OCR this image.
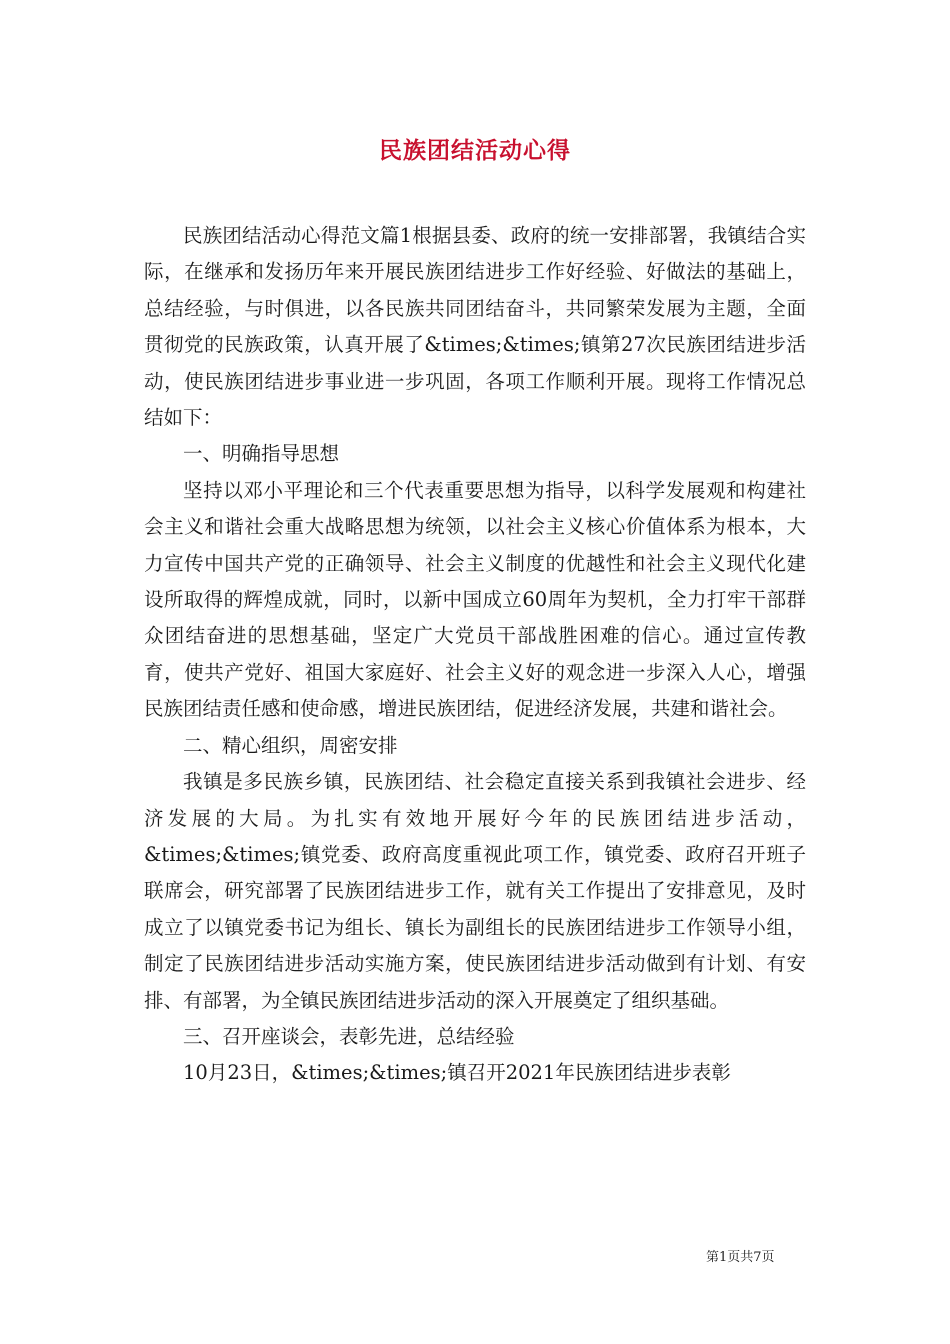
民族团结活动心得

民族团结活动心得范文篇1根据县委、政府的统一安排部署，我镇结合实际，在继承和发扬历年来开展民族团结进步工作好经验、好做法的基础上，总结经验，与时俱进，以各民族共同团结奋斗，共同繁荣发展为主题，全面贯彻党的民族政策，认真开展了&times;&times;镇第27次民族团结进步活动，使民族团结进步事业进一步巩固，各项工作顺利开展。现将工作情况总结如下：

一、明确指导思想

坚持以邓小平理论和三个代表重要思想为指导，以科学发展观和构建社会主义和谐社会重大战略思想为统领，以社会主义核心价值体系为根本，大力宣传中国共产党的正确领导、社会主义制度的优越性和社会主义现代化建设所取得的辉煌成就，同时，以新中国成立60周年为契机，全力打牢干部群众团结奋进的思想基础，坚定广大党员干部战胜困难的信心。通过宣传教育，使共产党好、祖国大家庭好、社会主义好的观念进一步深入人心，增强民族团结责任感和使命感，增进民族团结，促进经济发展，共建和谐社会。

二、精心组织，周密安排

我镇是多民族乡镇，民族团结、社会稳定直接关系到我镇社会进步、经济发展的大局。为扎实有效地开展好今年的民族团结进步活动，&times;&times;镇党委、政府高度重视此项工作，镇党委、政府召开班子联席会，研究部署了民族团结进步工作，就有关工作提出了安排意见，及时成立了以镇党委书记为组长、镇长为副组长的民族团结进步工作领导小组，制定了民族团结进步活动实施方案，使民族团结进步活动做到有计划、有安排、有部署，为全镇民族团结进步活动的深入开展奠定了组织基础。

三、召开座谈会，表彰先进，总结经验

10月23日，&times;&times;镇召开2021年民族团结进步表彰

第1页共7页
